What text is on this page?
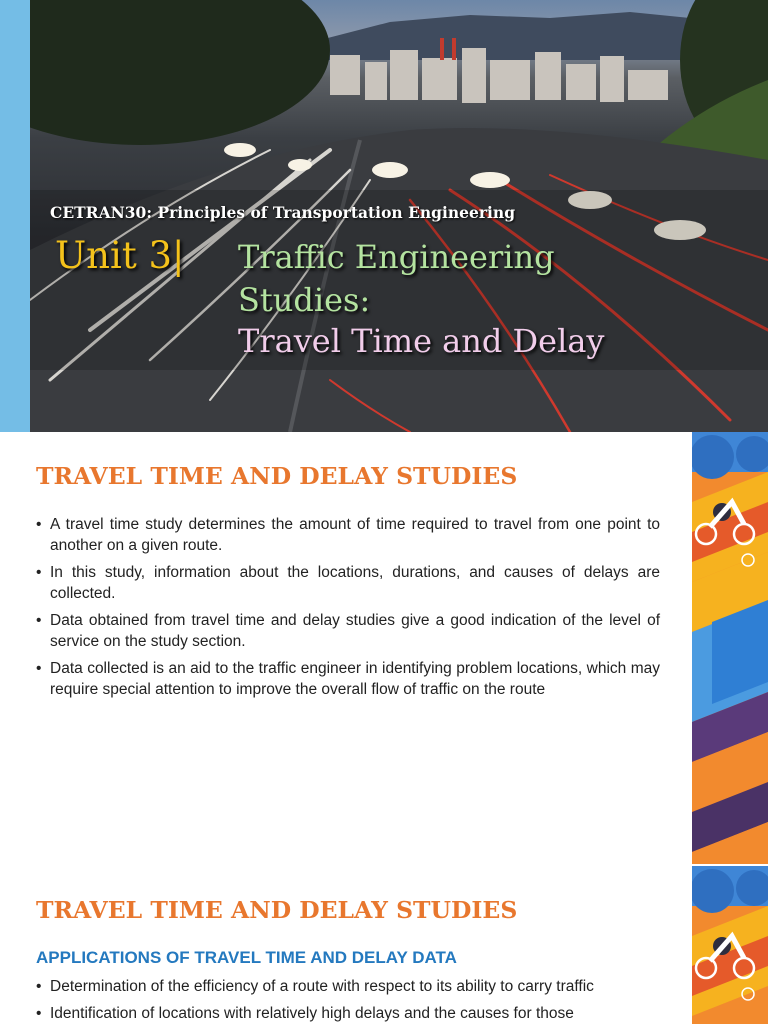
CETRAN30: Principles of Transportation Engineering
Unit 3| Traffic Engineering
Studies:
Travel Time and Delay
TRAVEL TIME AND DELAY STUDIES
• A travel time study determines the amount of time required to travel from one point to another on a given route.
• In this study, information about the locations, durations, and causes of delays are collected.
• Data obtained from travel time and delay studies give a good indication of the level of service on the study section.
• Data collected is an aid to the traffic engineer in identifying problem locations, which may require special attention to improve the overall flow of traffic on the route
TRAVEL TIME AND DELAY STUDIES
APPLICATIONS OF TRAVEL TIME AND DELAY DATA
• Determination of the efficiency of a route with respect to its ability to carry traffic
• Identification of locations with relatively high delays and the causes for those
